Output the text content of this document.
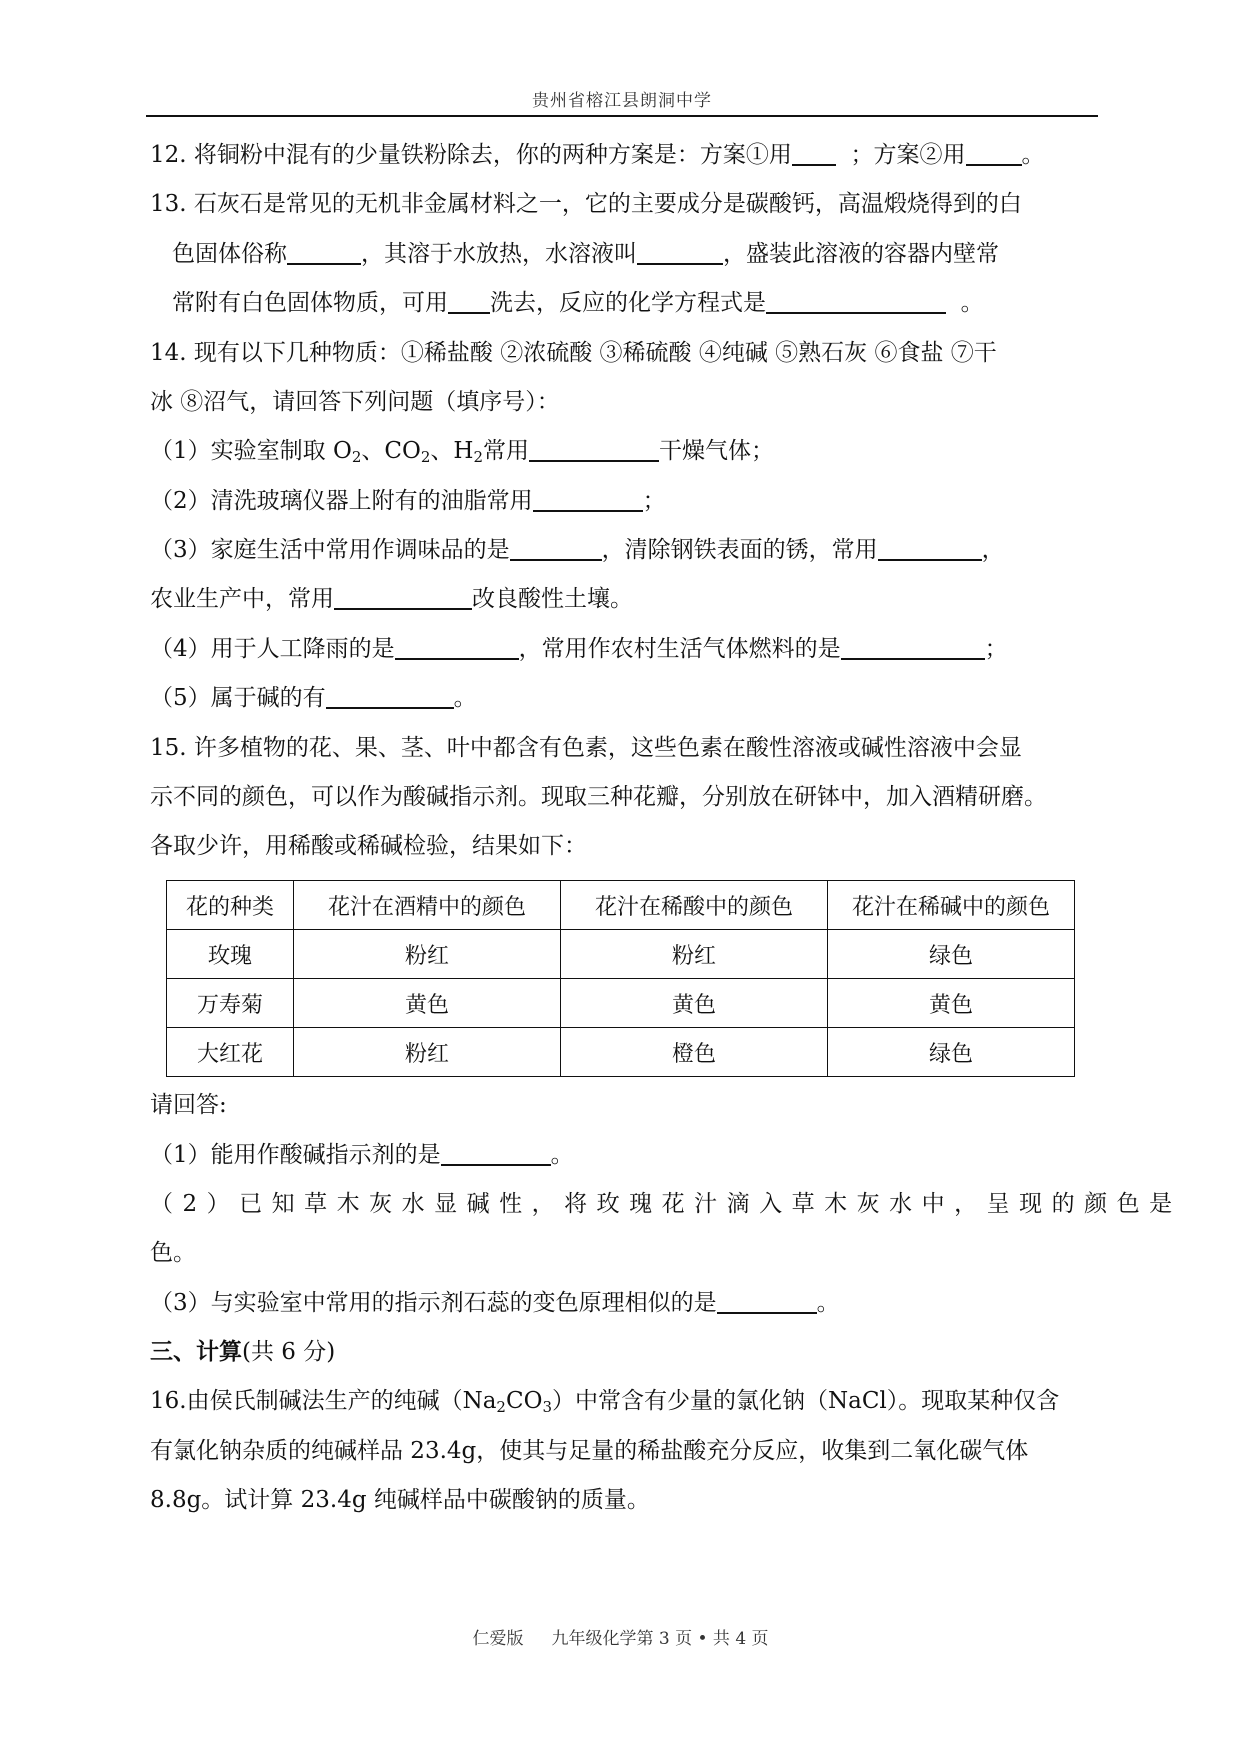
贵州省榕江县朗洞中学
12. 将铜粉中混有的少量铁粉除去，你的两种方案是：方案①用	；方案②用 。
13. 石灰石是常见的无机非金属材料之一，它的主要成分是碳酸钙，高温煅烧得到的白
色固体俗称	，其溶于水放热，水溶液叫	，盛装此溶液的容器内壁常
常附有白色固体物质，可用 洗去，反应的化学方程式是	。
14. 现有以下几种物质：①稀盐酸 ②浓硫酸 ③稀硫酸 ④纯碱 ⑤熟石灰 ⑥食盐 ⑦干
冰 ⑧沼气，请回答下列问题（填序号）：
（1）实验室制取 $O_2$、$CO_2$、$H_2$常用	干燥气体；
（2）清洗玻璃仪器上附有的油脂常用	；
（3）家庭生活中常用作调味品的是	，清除钢铁表面的锈，常用	，
农业生产中，常用	改良酸性土壤。
（4）用于人工降雨的是	，常用作农村生活气体燃料的是	；
（5）属于碱的有	。
15. 许多植物的花、果、茎、叶中都含有色素，这些色素在酸性溶液或碱性溶液中会显
示不同的颜色，可以作为酸碱指示剂。现取三种花瓣，分别放在研钵中，加入酒精研磨。
各取少许，用稀酸或稀碱检验，结果如下：
花的种类	花汁在酒精中的颜色	花汁在稀酸中的颜色	花汁在稀碱中的颜色
玫瑰	粉红	粉红	绿色
万寿菊	黄色	黄色	黄色
大红花	粉红	橙色	绿色
请回答:
（1）能用作酸碱指示剂的是	。
（2）已知草木灰水显碱性，将玫瑰花汁滴入草木灰水中，呈现的颜色是
色。
（3）与实验室中常用的指示剂石蕊的变色原理相似的是	。
三、计算(共 6 分)
16.由侯氏制碱法生产的纯碱$(Na_2CO_3)$中常含有少量的氯化钠（NaCl）。现取某种仅含
有氯化钠杂质的纯碱样品 23.4g，使其与足量的稀盐酸充分反应，收集到二氧化碳气体
8.8g。试计算 23.4g 纯碱样品中碳酸钠的质量。
仁爱版 九年级化学第 3 页 • 共 4 页
